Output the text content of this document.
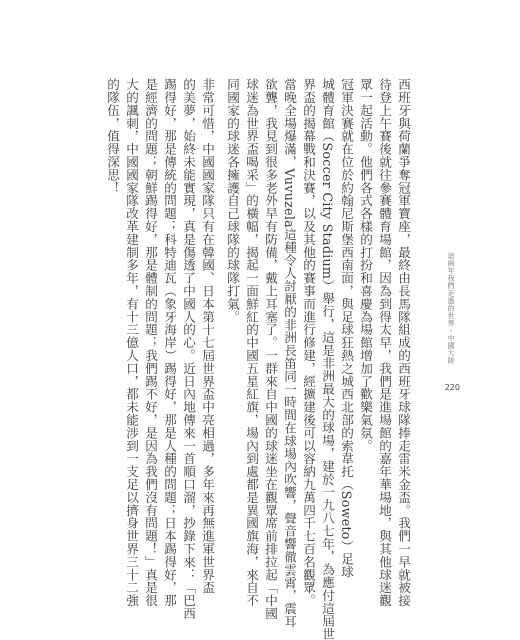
西班牙與荷蘭爭奪冠軍寶座，最終由長馬隊組成的西班牙球隊捧走雷米金盃。我們一早就被接
待登上午賽後就往參賽體育場館，因為到得太早，我們是進場館的嘉年華場地，與其他球迷觀
眾一起活動。他們各式各樣的打扮和喜慶為場館增加了歡樂氣氛。
冠軍決賽就在位於約翰尼斯堡西南面，與足球狂熱之城西北部的索韋托（Soweto）足球
城體育館（Soccer City Stadium）舉行，這是非洲最大的球場，建於一九八七年，為應付這屆世
界盃的揭幕戰和決賽，以及其他的賽事而進行修建，經擴建後可以容納九萬四千七百名觀眾。
當晚全場爆滿，Vuvuzela這種令人討厭的非洲長笛同一時間在球場內吹響，聲音響徹雲霄，震耳
欲聾，我見到很多老外早有防備，戴上耳塞了。一群來自中國的球迷坐在觀眾席前排拉起「中國
球迷為世界盃喝采」的橫幅，揭起一面鮮紅的中國五星紅旗，場內到處都是異國旗海，來自不
同國家的球迷各擁護自己球隊的球隊打氣。
非常可惜，中國國家隊只有在韓國、日本第十七屆世界盃中亮相過，多年來再無進軍世界盃
的美夢，始終未能實現，真是傷透了中國人的心。近日內地傳來一首順口溜，抄錄下來：「巴西
踢得好，那是傳統的問題；科特迪瓦（象牙海岸）踢得好，那是人種的問題；日本踢得好，那
是經濟的問題；朝鮮踢得好，那是體制的問題；我們踢不好，是因為我們沒有問題！」真是很
大的諷刺，中國國家隊改革建制多年，有十三億人口，都未能涉到一支足以擠身世界三十二強
的隊伍，值得深思！
這兩年我們走過的世界・中國大陸
220
